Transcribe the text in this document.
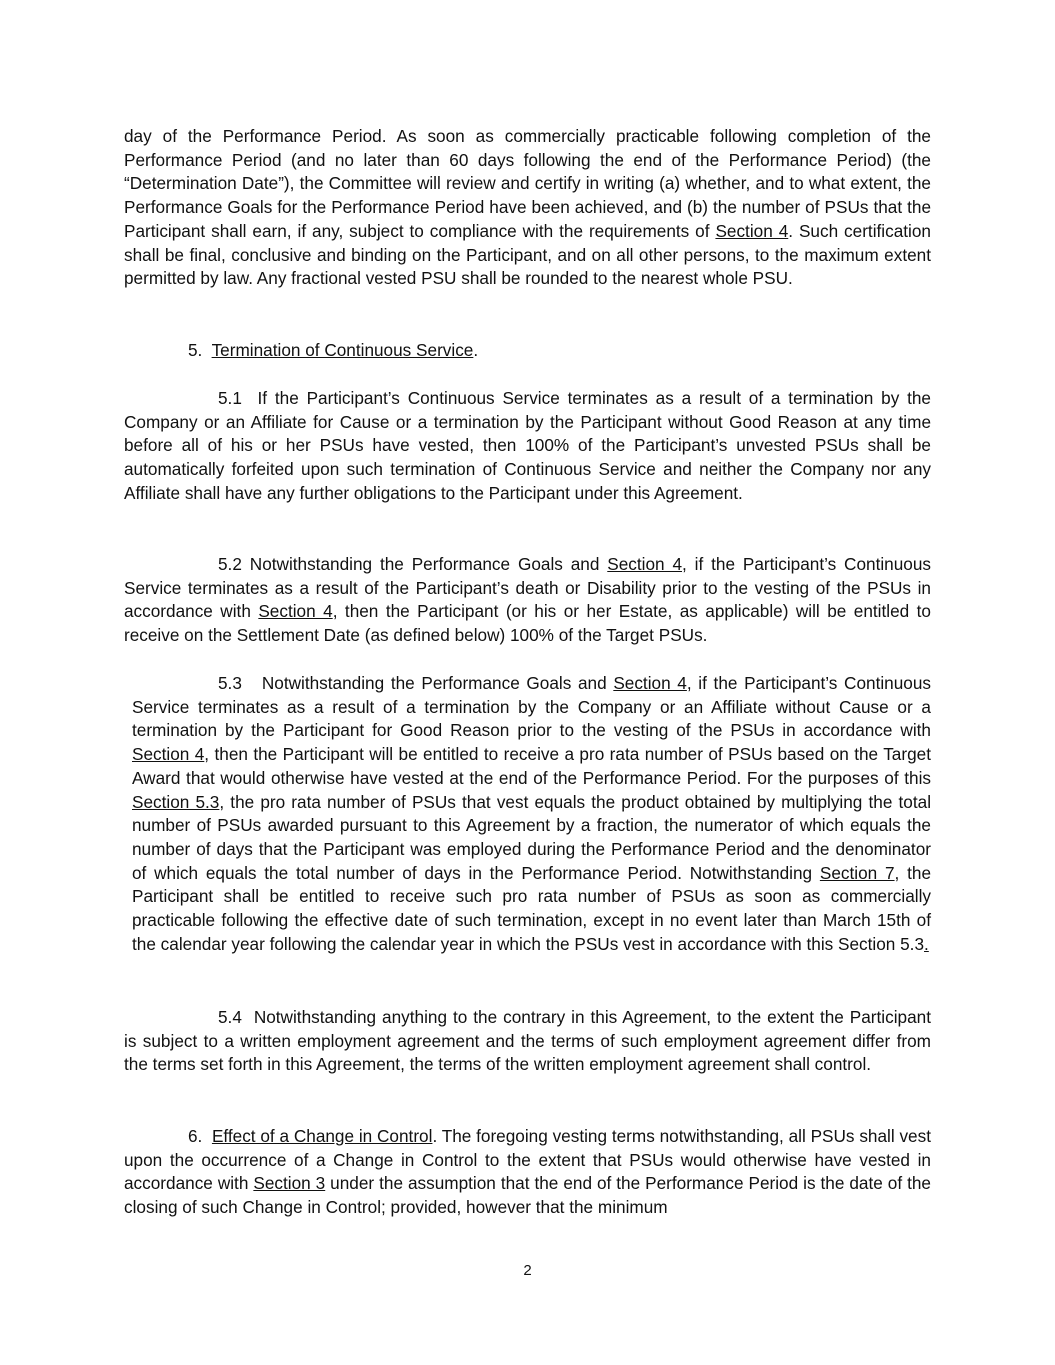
day of the Performance Period. As soon as commercially practicable following completion of the Performance Period (and no later than 60 days following the end of the Performance Period) (the “Determination Date”), the Committee will review and certify in writing (a) whether, and to what extent, the Performance Goals for the Performance Period have been achieved, and (b) the number of PSUs that the Participant shall earn, if any, subject to compliance with the requirements of Section 4. Such certification shall be final, conclusive and binding on the Participant, and on all other persons, to the maximum extent permitted by law. Any fractional vested PSU shall be rounded to the nearest whole PSU.

5. Termination of Continuous Service.

5.1 If the Participant’s Continuous Service terminates as a result of a termination by the Company or an Affiliate for Cause or a termination by the Participant without Good Reason at any time before all of his or her PSUs have vested, then 100% of the Participant’s unvested PSUs shall be automatically forfeited upon such termination of Continuous Service and neither the Company nor any Affiliate shall have any further obligations to the Participant under this Agreement.

5.2 Notwithstanding the Performance Goals and Section 4, if the Participant’s Continuous Service terminates as a result of the Participant’s death or Disability prior to the vesting of the PSUs in accordance with Section 4, then the Participant (or his or her Estate, as applicable) will be entitled to receive on the Settlement Date (as defined below) 100% of the Target PSUs.

5.3 Notwithstanding the Performance Goals and Section 4, if the Participant’s Continuous Service terminates as a result of a termination by the Company or an Affiliate without Cause or a termination by the Participant for Good Reason prior to the vesting of the PSUs in accordance with Section 4, then the Participant will be entitled to receive a pro rata number of PSUs based on the Target Award that would otherwise have vested at the end of the Performance Period. For the purposes of this Section 5.3, the pro rata number of PSUs that vest equals the product obtained by multiplying the total number of PSUs awarded pursuant to this Agreement by a fraction, the numerator of which equals the number of days that the Participant was employed during the Performance Period and the denominator of which equals the total number of days in the Performance Period. Notwithstanding Section 7, the Participant shall be entitled to receive such pro rata number of PSUs as soon as commercially practicable following the effective date of such termination, except in no event later than March 15th of the calendar year following the calendar year in which the PSUs vest in accordance with this Section 5.3.

5.4 Notwithstanding anything to the contrary in this Agreement, to the extent the Participant is subject to a written employment agreement and the terms of such employment agreement differ from the terms set forth in this Agreement, the terms of the written employment agreement shall control.

6. Effect of a Change in Control. The foregoing vesting terms notwithstanding, all PSUs shall vest upon the occurrence of a Change in Control to the extent that PSUs would otherwise have vested in accordance with Section 3 under the assumption that the end of the Performance Period is the date of the closing of such Change in Control; provided, however that the minimum

2
